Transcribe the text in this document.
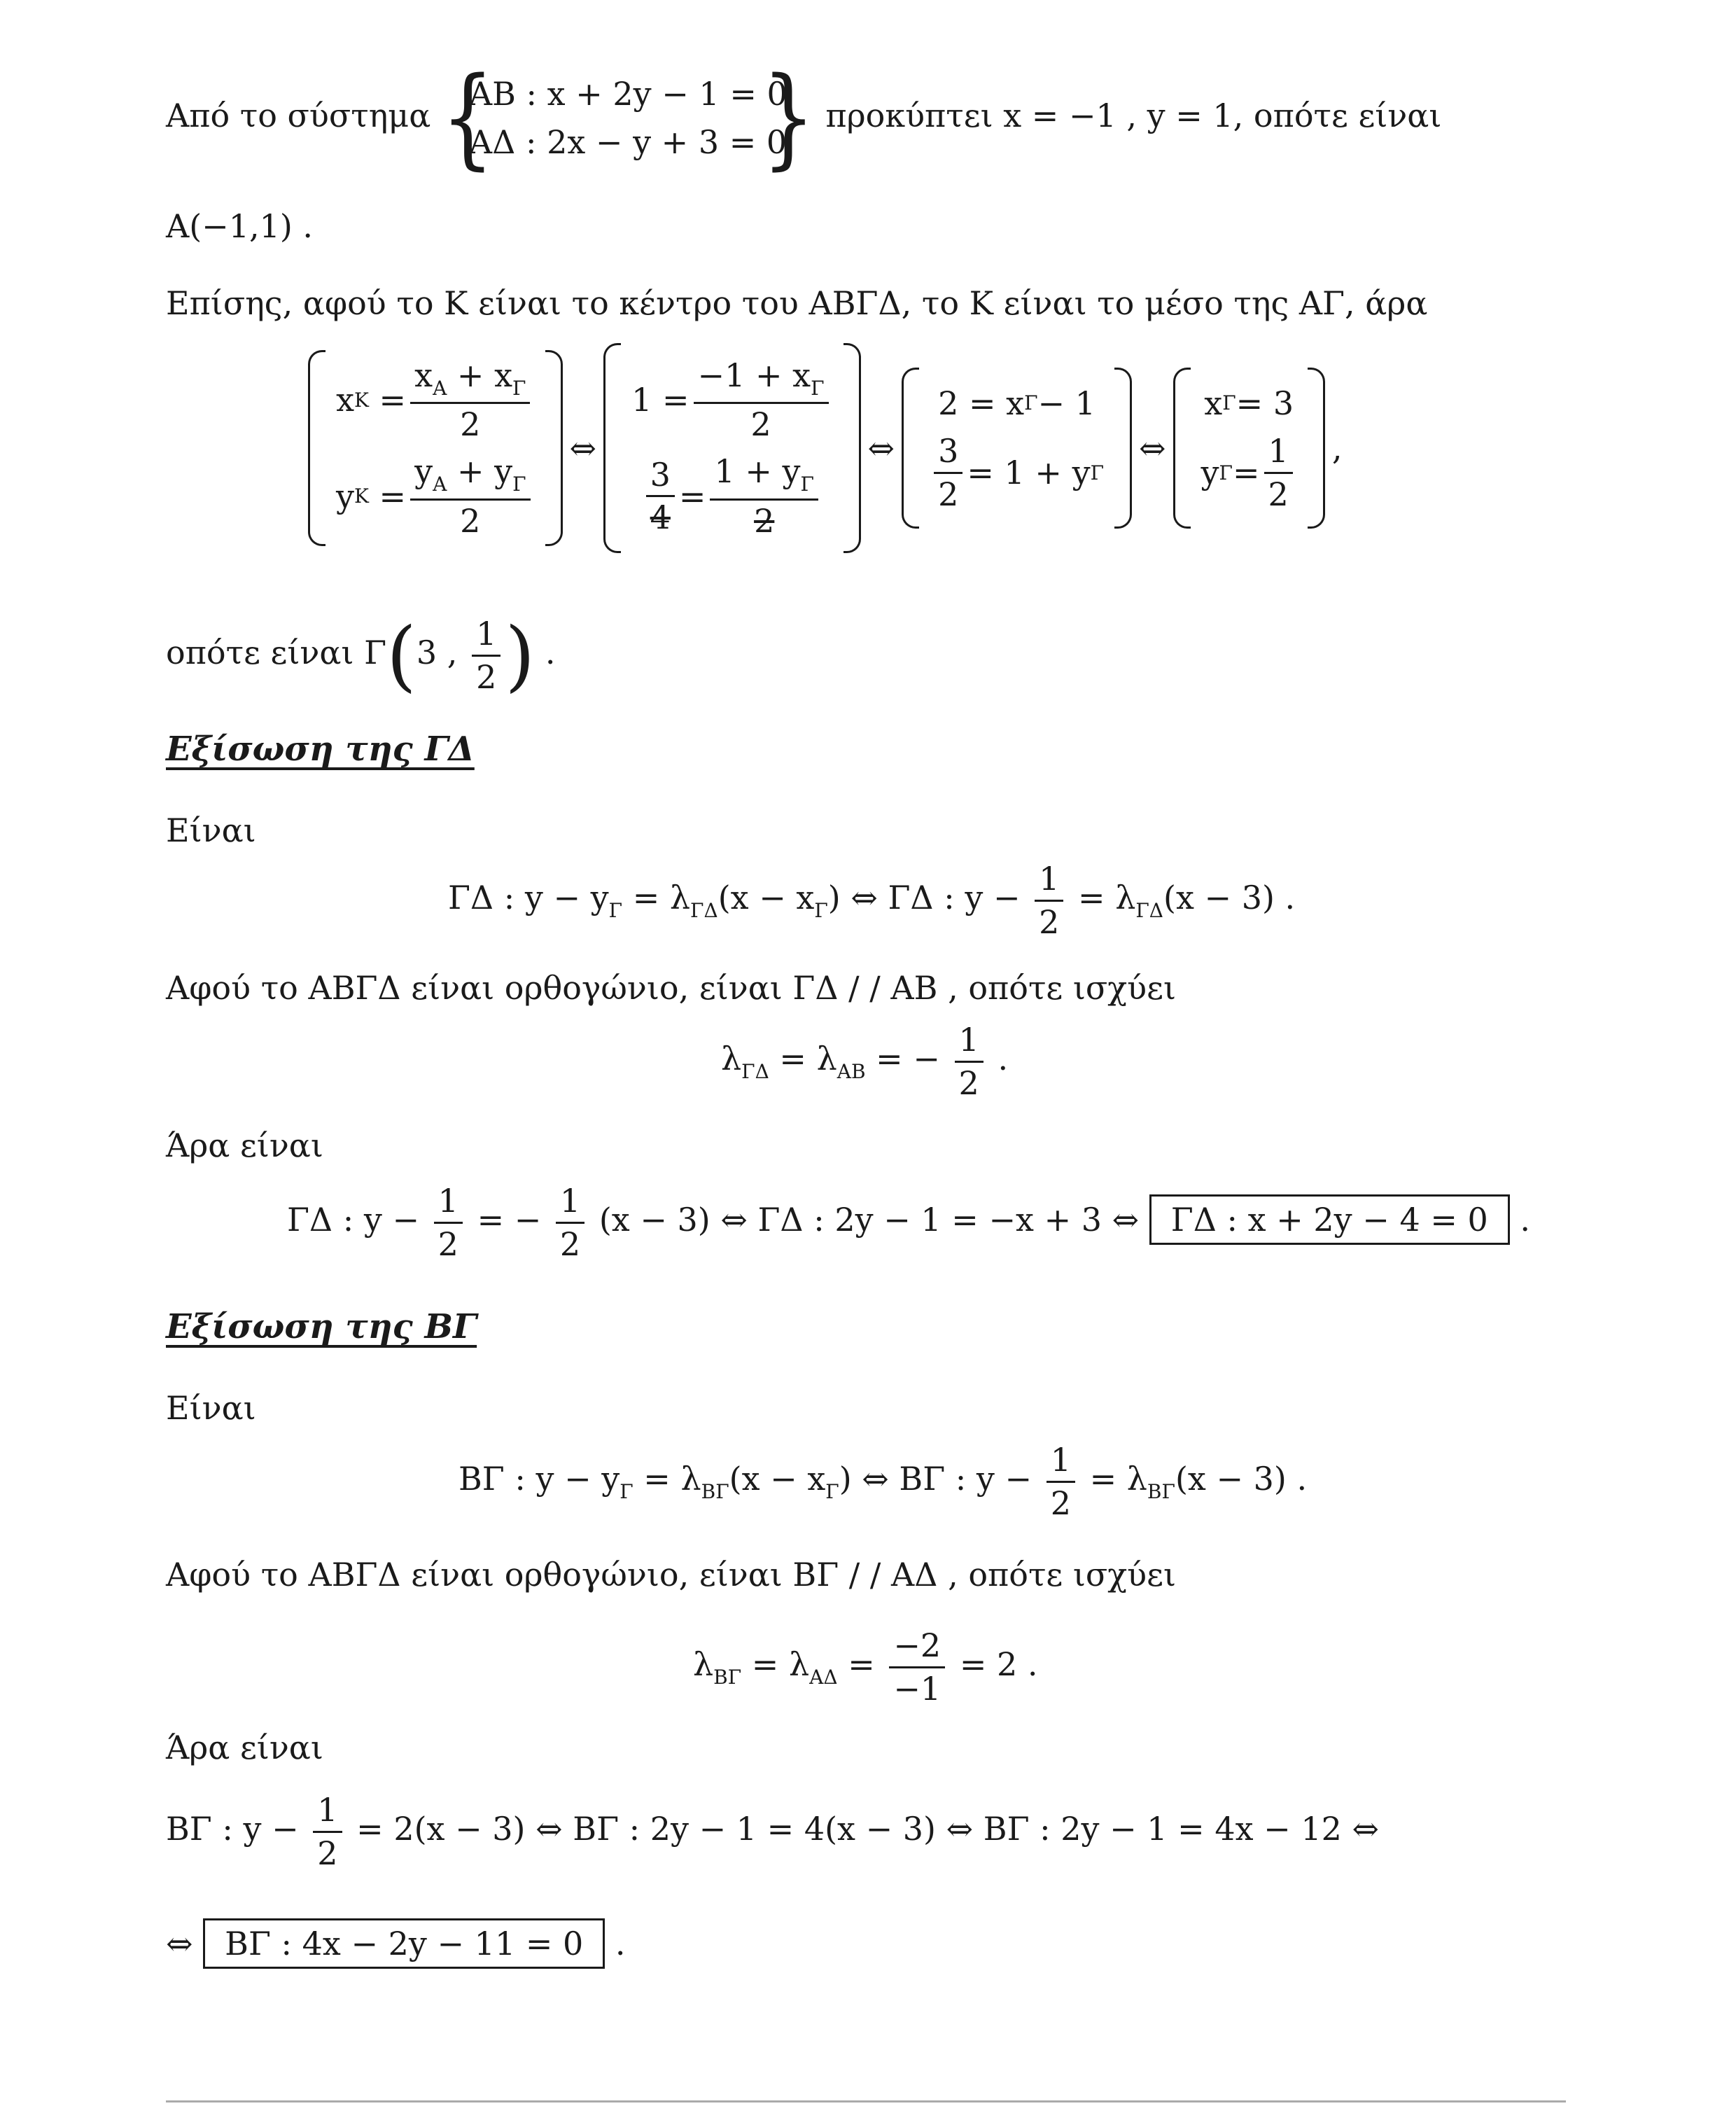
Από το σύστημα {
AB : x + 2y − 1 = 0
AΔ : 2x − y + 3 = 0
} προκύπτει x = −1 , y = 1, οπότε είναι
A(−1,1) .
Επίσης, αφού το K είναι το κέντρο του ABΓΔ, το K είναι το μέσο της AΓ, άρα
x $K = \frac{x_A + x_\Gamma}{2}$
y $K = \frac{y_A + y_\Gamma}{2}$
⇔
$1 = \frac{-1 + x_\Gamma}{2}$
$\frac{3}{4} = \frac{1 + y_\Gamma}{2}$
⇔
2 = x Γ − 1
$\frac{3}{2} = 1 + y$ Γ
⇔
x Γ = 3
y $\Gamma = \frac{1}{2}$ ,
οπότε είναι Γ(3 , $\frac{1}{2}$ ) .
Εξίσωση της ΓΔ
Είναι
ΓΔ : $y - y_\Gamma = \lambda_{\Gamma\Delta}(x - x_\Gamma)$ ⇔ ΓΔ : $y - \frac{1}{2} = \lambda_{\Gamma\Delta}(x - 3)$ .
Αφού το ABΓΔ είναι ορθογώνιο, είναι ΓΔ / / AB , οπότε ισχύει
$\lambda_{\Gamma\Delta} = \lambda_{AB}$ = − $\frac{1}{2}$ .
Άρα είναι
ΓΔ : $y - \frac{1}{2}$ = − $\frac{1}{2} (x - 3)$ ⇔ ΓΔ : 2y − 1 = −x + 3 ⇔ ΓΔ : x + 2y − 4 = 0 .
Εξίσωση της BΓ
Είναι
BΓ : $y - y_\Gamma = \lambda_{B\Gamma}(x - x_\Gamma)$ ⇔ BΓ : $y - \frac{1}{2} = \lambda_{B\Gamma}(x - 3)$ .
Αφού το ABΓΔ είναι ορθογώνιο, είναι BΓ / / AΔ , οπότε ισχύει
$\lambda_{B\Gamma} = \lambda_{A\Delta} = \frac{-2}{-1} = 2$ .
Άρα είναι
BΓ : $y - \frac{1}{2} = 2(x - 3)$ ⇔ BΓ : 2y − 1 = 4(x − 3) ⇔ BΓ : 2y − 1 = 4x − 12 ⇔
⇔ BΓ : 4x − 2y − 11 = 0 .
